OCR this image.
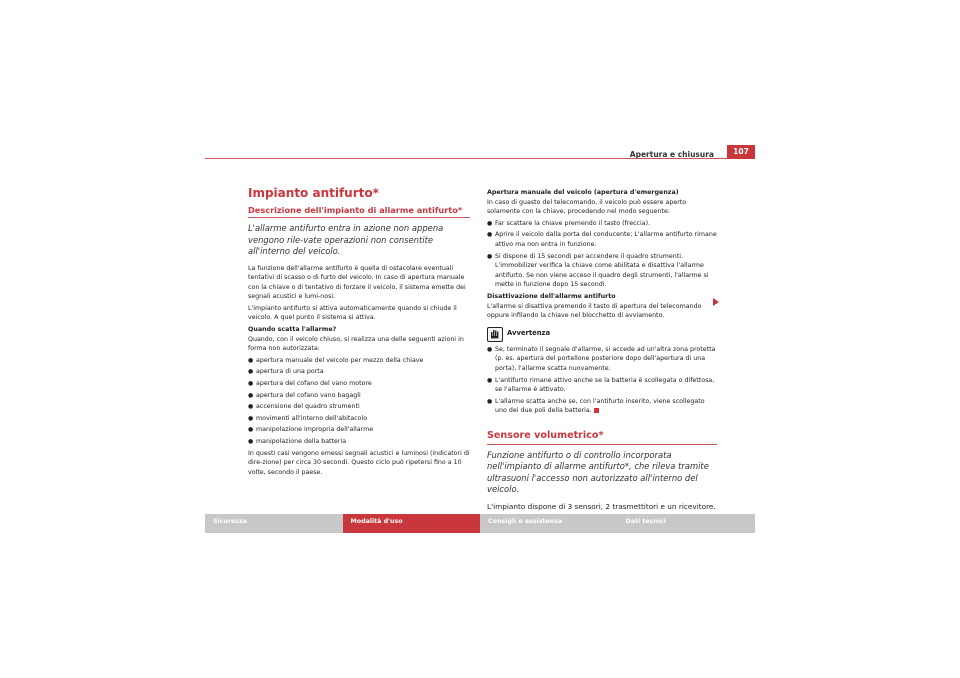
Apertura e chiusura	107
Impianto antifurto*
Descrizione dell'impianto di allarme antifurto*
L'allarme antifurto entra in azione non appena vengono rile-vate operazioni non consentite all'interno del veicolo.

La funzione dell'allarme antifurto è quella di ostacolare eventuali tentativi di scasso o di furto del veicolo. In caso di apertura manuale con la chiave o di tentativo di forzare il veicolo, il sistema emette dei segnali acustici e lumi-nosi.

L'impianto antifurto si attiva automaticamente quando si chiude il veicolo. A quel punto il sistema si attiva.

Quando scatta l'allarme?

Quando, con il veicolo chiuso, si realizza una delle seguenti azioni in forma non autorizzata:

● apertura manuale del veicolo per mezzo della chiave
● apertura di una porta
● apertura del cofano del vano motore
● apertura del cofano vano bagagli
● accensione del quadro strumenti
● movimenti all'interno dell'abitacolo
● manipolazione impropria dell'allarme
● manipolazione della batteria

In questi casi vengono emessi segnali acustici e luminosi (indicatori di dire-zione) per circa 30 secondi. Questo ciclo può ripetersi fino a 10 volte, secondo il paese.

Apertura manuale del veicolo (apertura d'emergenza)

In caso di guasto del telecomando, il veicolo può essere aperto solamente con la chiave, procedendo nel modo seguente:

● Far scattare la chiave premendo il tasto (freccia).
● Aprire il veicolo dalla porta del conducente; L'allarme antifurto rimane attivo ma non entra in funzione.
● Si dispone di 15 secondi per accendere il quadro strumenti. L'immobilizer verifica la chiave come abilitata e disattiva l'allarme antifurto. Se non viene acceso il quadro degli strumenti, l'allarme si mette in funzione dopo 15 secondi.

Disattivazione dell'allarme antifurto

L'allarme si disattiva premendo il tasto di apertura del telecomando oppure infilando la chiave nel blocchetto di avviamento.

Avvertenza
● Se, terminato il segnale d'allarme, si accede ad un'altra zona protetta (p. es. apertura del portellone posteriore dopo dell'apertura di una porta), l'allarme scatta nuovamente.
● L'antifurto rimane attivo anche se la batteria è scollegata o difettosa, se l'allarme è attivato.
● L'allarme scatta anche se, con l'antifurto inserito, viene scollegato uno dei due poli della batteria.
Sensore volumetrico*
Funzione antifurto o di controllo incorporata nell'impianto di allarme antifurto*, che rileva tramite ultrasuoni l'accesso non autorizzato all'interno del veicolo.
L'impianto dispone di 3 sensori, 2 trasmettitori e un ricevitore.
Sicurezza	Modalità d'uso	Consigli e assistenza	Dati tecnici
